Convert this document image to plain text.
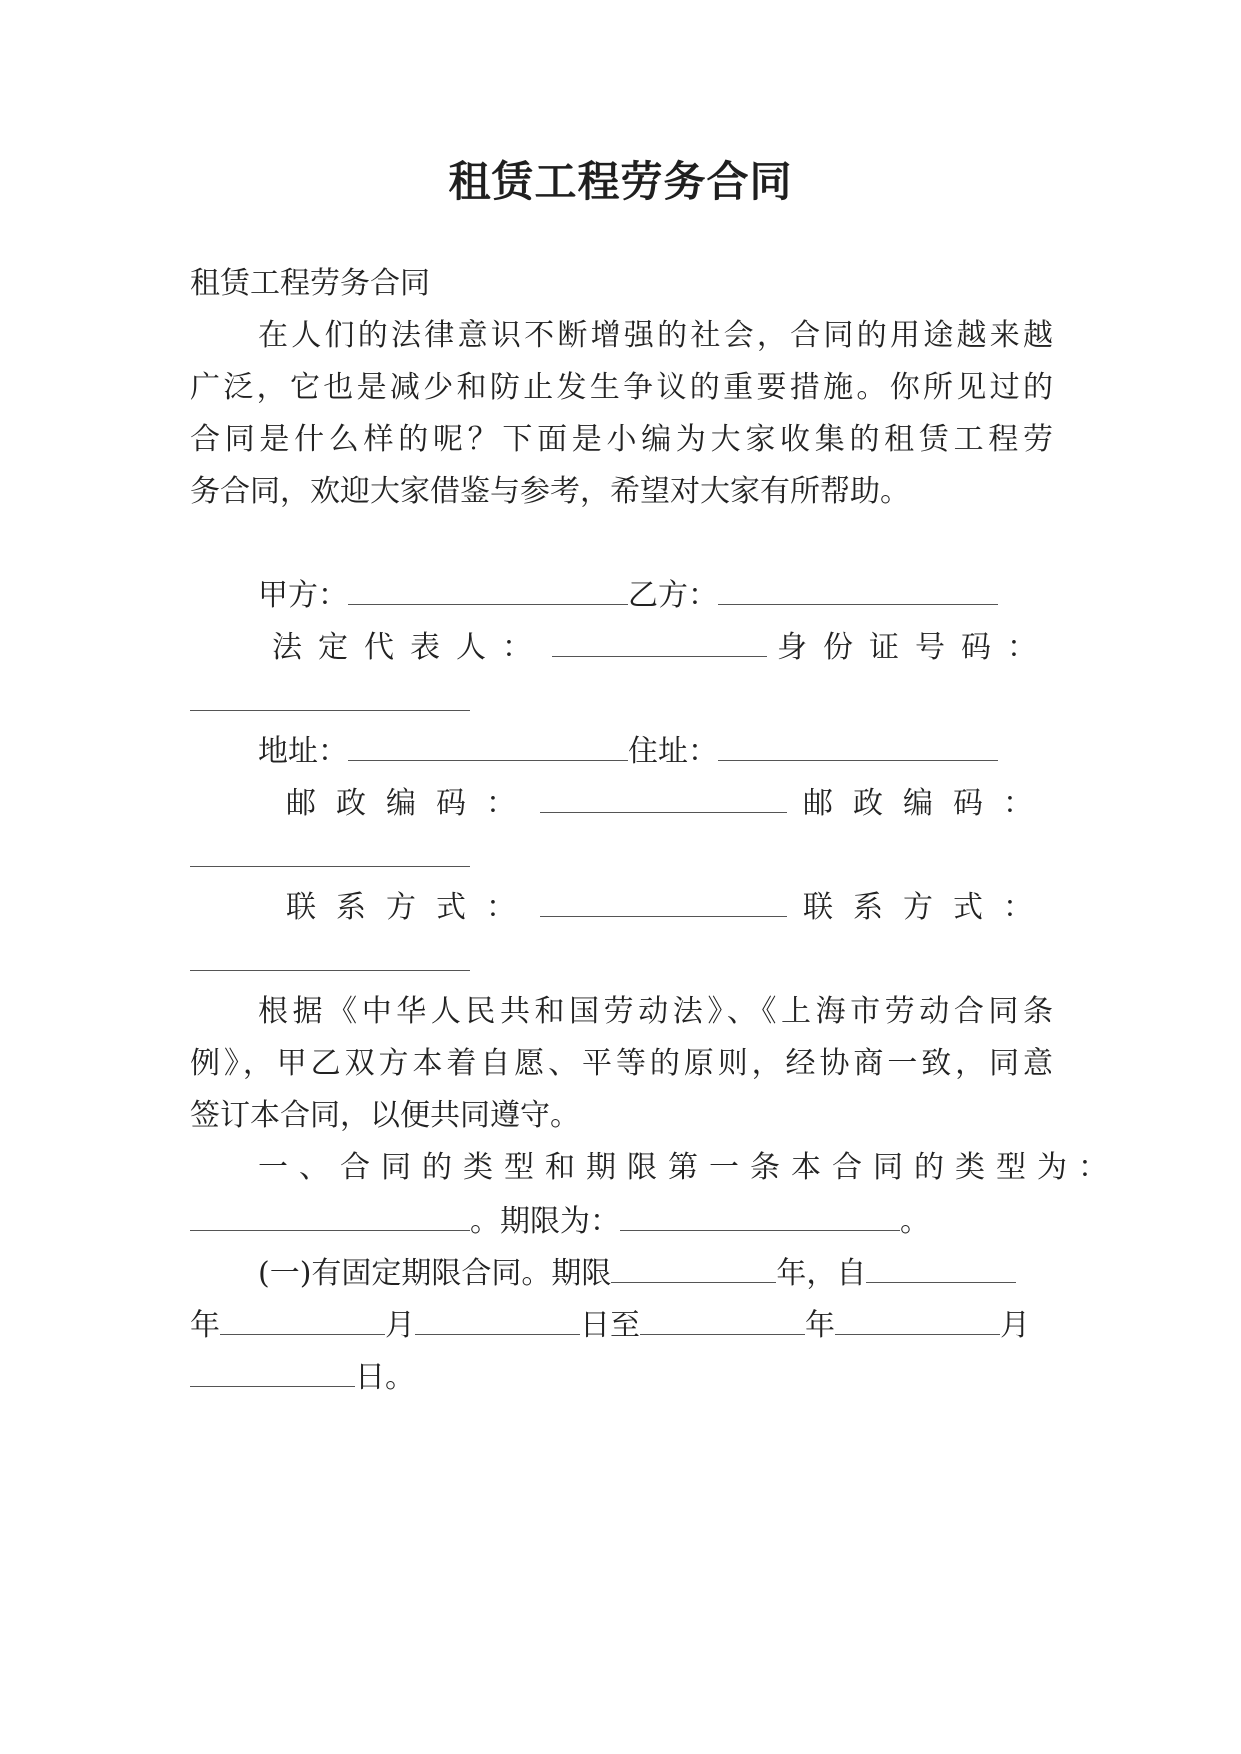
租赁工程劳务合同
租赁工程劳务合同
在人们的法律意识不断增强的社会，合同的用途越来越
广泛，它也是减少和防止发生争议的重要措施。你所见过的
合同是什么样的呢？下面是小编为大家收集的租赁工程劳
务合同，欢迎大家借鉴与参考，希望对大家有所帮助。
甲方：	乙方：
法定代表人：	身份证号码：
地址：	住址：
邮政编码：	邮政编码：
联系方式：	联系方式：
根据《中华人民共和国劳动法》、《上海市劳动合同条
例》，甲乙双方本着自愿、平等的原则，经协商一致，同意
签订本合同，以便共同遵守。
一、合同的类型和期限第一条本合同的类型为：
。期限为：	。
(一)有固定期限合同。期限	年，自
年	月	日至	年	月
日。
